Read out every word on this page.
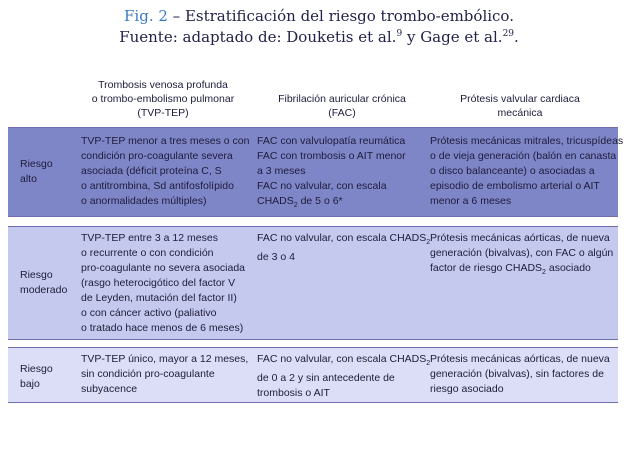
Fig. 2 – Estratificación del riesgo trombo-embólico.
Fuente: adaptado de: Douketis et al.$^9$ y Gage et al.$^{29}$.
Trombosis venosa profunda
o trombo-embolismo pulmonar
(TVP-TEP)
Fibrilación auricular crónica
(FAC)
Prótesis valvular cardiaca
mecánica
Riesgo
alto
TVP-TEP menor a tres meses o con
condición pro-coagulante severa
asociada (déficit proteína C, S
o antitrombina, Sd antifosfolípido
o anormalidades múltiples)
FAC con valvulopatía reumática
FAC con trombosis o AIT menor
a 3 meses
FAC no valvular, con escala
$CHADS_2$ de 5 o 6*
Prótesis mecánicas mitrales, tricuspídeas
o de vieja generación (balón en canasta
o disco balanceante) o asociadas a
episodio de embolismo arterial o AIT
menor a 6 meses
Riesgo
moderado
TVP-TEP entre 3 a 12 meses
o recurrente o con condición
pro-coagulante no severa asociada
(rasgo heterocigótico del factor V
de Leyden, mutación del factor II)
o con cáncer activo (paliativo
o tratado hace menos de 6 meses)
FAC no valvular, con escala $CHADS_2$
de 3 o 4
Prótesis mecánicas aórticas, de nueva
generación (bivalvas), con FAC o algún
factor de riesgo $CHADS_2$ asociado
Riesgo
bajo
TVP-TEP único, mayor a 12 meses,
sin condición pro-coagulante
subyacence
FAC no valvular, con escala $CHADS_2$
de 0 a 2 y sin antecedente de
trombosis o AIT
Prótesis mecánicas aórticas, de nueva
generación (bivalvas), sin factores de
riesgo asociado
